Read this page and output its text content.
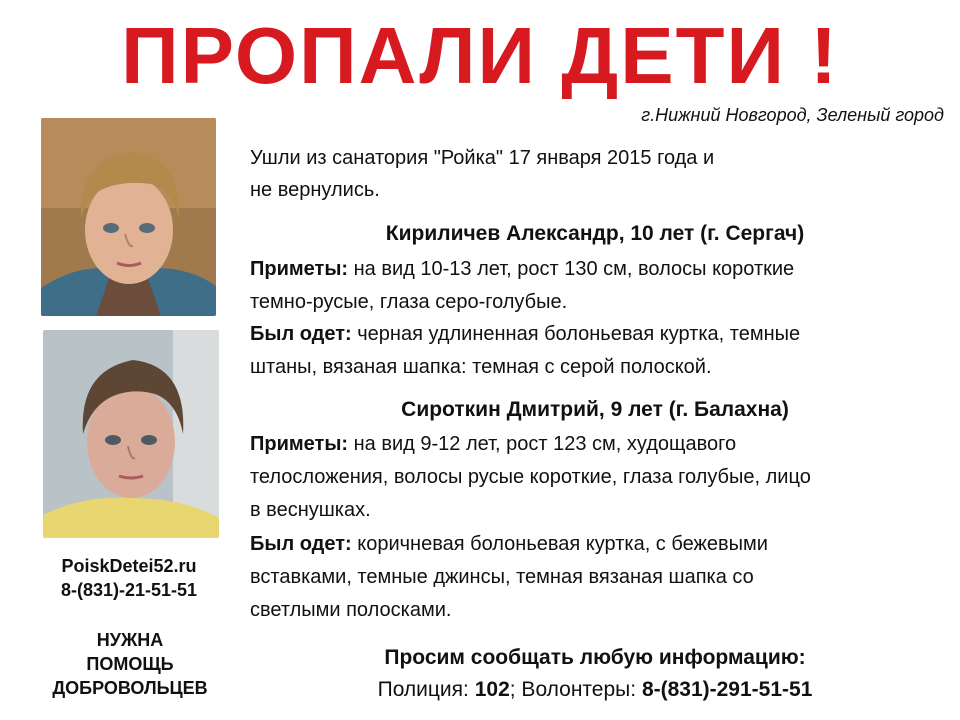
ПРОПАЛИ ДЕТИ !
г.Нижний Новгород, Зеленый город
PoiskDetei52.ru
8-(831)-21-51-51
НУЖНА
ПОМОЩЬ
ДОБРОВОЛЬЦЕВ
Ушли из санатория "Ройка" 17 января 2015 года и
не вернулись.
Кириличев Александр, 10 лет (г. Сергач)
Приметы: на вид 10-13 лет, рост 130 см, волосы короткие
темно-русые, глаза серо-голубые.
Был одет: черная удлиненная болоньевая куртка, темные
штаны, вязаная шапка: темная с серой полоской.
Сироткин Дмитрий, 9 лет (г. Балахна)
Приметы: на вид 9-12 лет, рост 123 см, худощавого
телосложения, волосы русые короткие, глаза голубые, лицо
в веснушках.
Был одет: коричневая болоньевая куртка, с бежевыми
вставками, темные джинсы, темная вязаная шапка со
светлыми полосками.
Просим сообщать любую информацию:
Полиция: 102; Волонтеры: 8-(831)-291-51-51
